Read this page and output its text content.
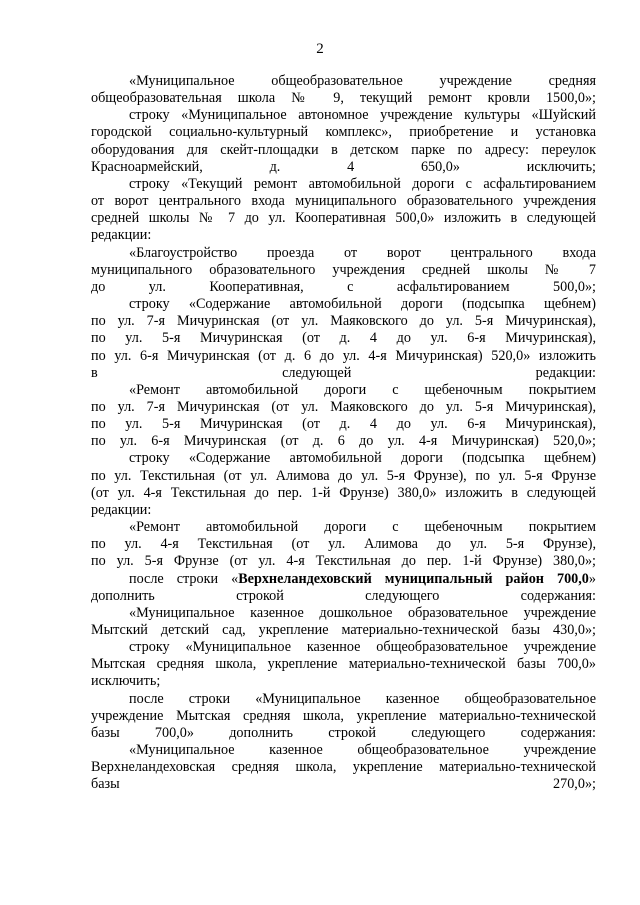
2

«Муниципальное общеобразовательное учреждение средняя
общеобразовательная школа № 9, текущий ремонт кровли 1500,0»;

строку «Муниципальное автономное учреждение культуры «Шуйский
городской социально-культурный комплекс», приобретение и установка
оборудования для скейт-площадки в детском парке по адресу: переулок
Красноармейский, д. 4 650,0» исключить;

строку «Текущий ремонт автомобильной дороги с асфальтированием
от ворот центрального входа муниципального образовательного учреждения
средней школы № 7 до ул. Кооперативная 500,0» изложить в следующей
редакции:

«Благоустройство проезда от ворот центрального входа
муниципального образовательного учреждения средней школы № 7
до ул. Кооперативная, с асфальтированием 500,0»;

строку «Содержание автомобильной дороги (подсыпка щебнем)
по ул. 7-я Мичуринская (от ул. Маяковского до ул. 5-я Мичуринская),
по ул. 5-я Мичуринская (от д. 4 до ул. 6-я Мичуринская),
по ул. 6-я Мичуринская (от д. 6 до ул. 4-я Мичуринская) 520,0» изложить
в следующей редакции:

«Ремонт автомобильной дороги с щебеночным покрытием
по ул. 7-я Мичуринская (от ул. Маяковского до ул. 5-я Мичуринская),
по ул. 5-я Мичуринская (от д. 4 до ул. 6-я Мичуринская),
по ул. 6-я Мичуринская (от д. 6 до ул. 4-я Мичуринская) 520,0»;

строку «Содержание автомобильной дороги (подсыпка щебнем)
по ул. Текстильная (от ул. Алимова до ул. 5-я Фрунзе), по ул. 5-я Фрунзе
(от ул. 4-я Текстильная до пер. 1-й Фрунзе) 380,0» изложить в следующей
редакции:

«Ремонт автомобильной дороги с щебеночным покрытием
по ул. 4-я Текстильная (от ул. Алимова до ул. 5-я Фрунзе),
по ул. 5-я Фрунзе (от ул. 4-я Текстильная до пер. 1-й Фрунзе) 380,0»;

после строки «Верхнеландеховский муниципальный район 700,0»
дополнить строкой следующего содержания:

«Муниципальное казенное дошкольное образовательное учреждение
Мытский детский сад, укрепление материально-технической базы 430,0»;

строку «Муниципальное казенное общеобразовательное учреждение
Мытская средняя школа, укрепление материально-технической базы 700,0»
исключить;

после строки «Муниципальное казенное общеобразовательное
учреждение Мытская средняя школа, укрепление материально-технической
базы 700,0» дополнить строкой следующего содержания:

«Муниципальное казенное общеобразовательное учреждение
Верхнеландеховская средняя школа, укрепление материально-технической
базы 270,0»;
